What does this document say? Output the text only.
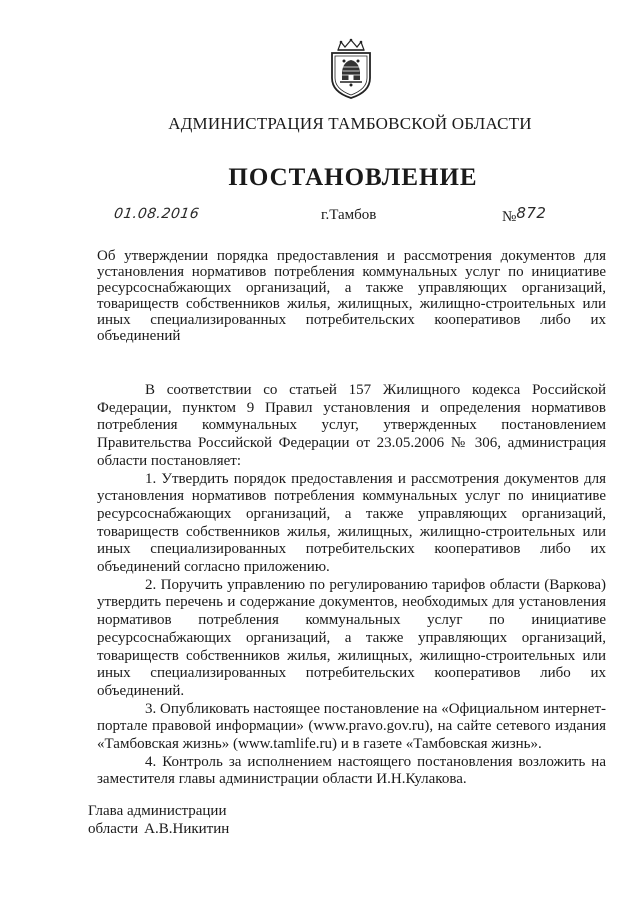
АДМИНИСТРАЦИЯ ТАМБОВСКОЙ ОБЛАСТИ
ПОСТАНОВЛЕНИЕ
01.08.2016	г.Тамбов	№872
Об утверждении порядка предоставления и рассмотрения документов для установления нормативов потребления коммунальных услуг по инициативе ресурсоснабжающих организаций, а также управляющих организаций, товариществ собственников жилья, жилищных, жилищно-строительных или иных специализированных потребительских кооперативов либо их объединений

В соответствии со статьей 157 Жилищного кодекса Российской Федерации, пунктом 9 Правил установления и определения нормативов потребления коммунальных услуг, утвержденных постановлением Правительства Российской Федерации от 23.05.2006 № 306, администрация области постановляет:

1. Утвердить порядок предоставления и рассмотрения документов для установления нормативов потребления коммунальных услуг по инициативе ресурсоснабжающих организаций, а также управляющих организаций, товариществ собственников жилья, жилищных, жилищно-строительных или иных специализированных потребительских кооперативов либо их объединений согласно приложению.

2. Поручить управлению по регулированию тарифов области (Варкова) утвердить перечень и содержание документов, необходимых для установления нормативов потребления коммунальных услуг по инициативе ресурсоснабжающих организаций, а также управляющих организаций, товариществ собственников жилья, жилищных, жилищно-строительных или иных специализированных потребительских кооперативов либо их объединений.

3. Опубликовать настоящее постановление на «Официальном интернет-портале правовой информации» (www.pravo.gov.ru), на сайте сетевого издания «Тамбовская жизнь» (www.tamlife.ru) и в газете «Тамбовская жизнь».

4. Контроль за исполнением настоящего постановления возложить на заместителя главы администрации области И.Н.Кулакова.

Глава администрации
области А.В.Никитин
